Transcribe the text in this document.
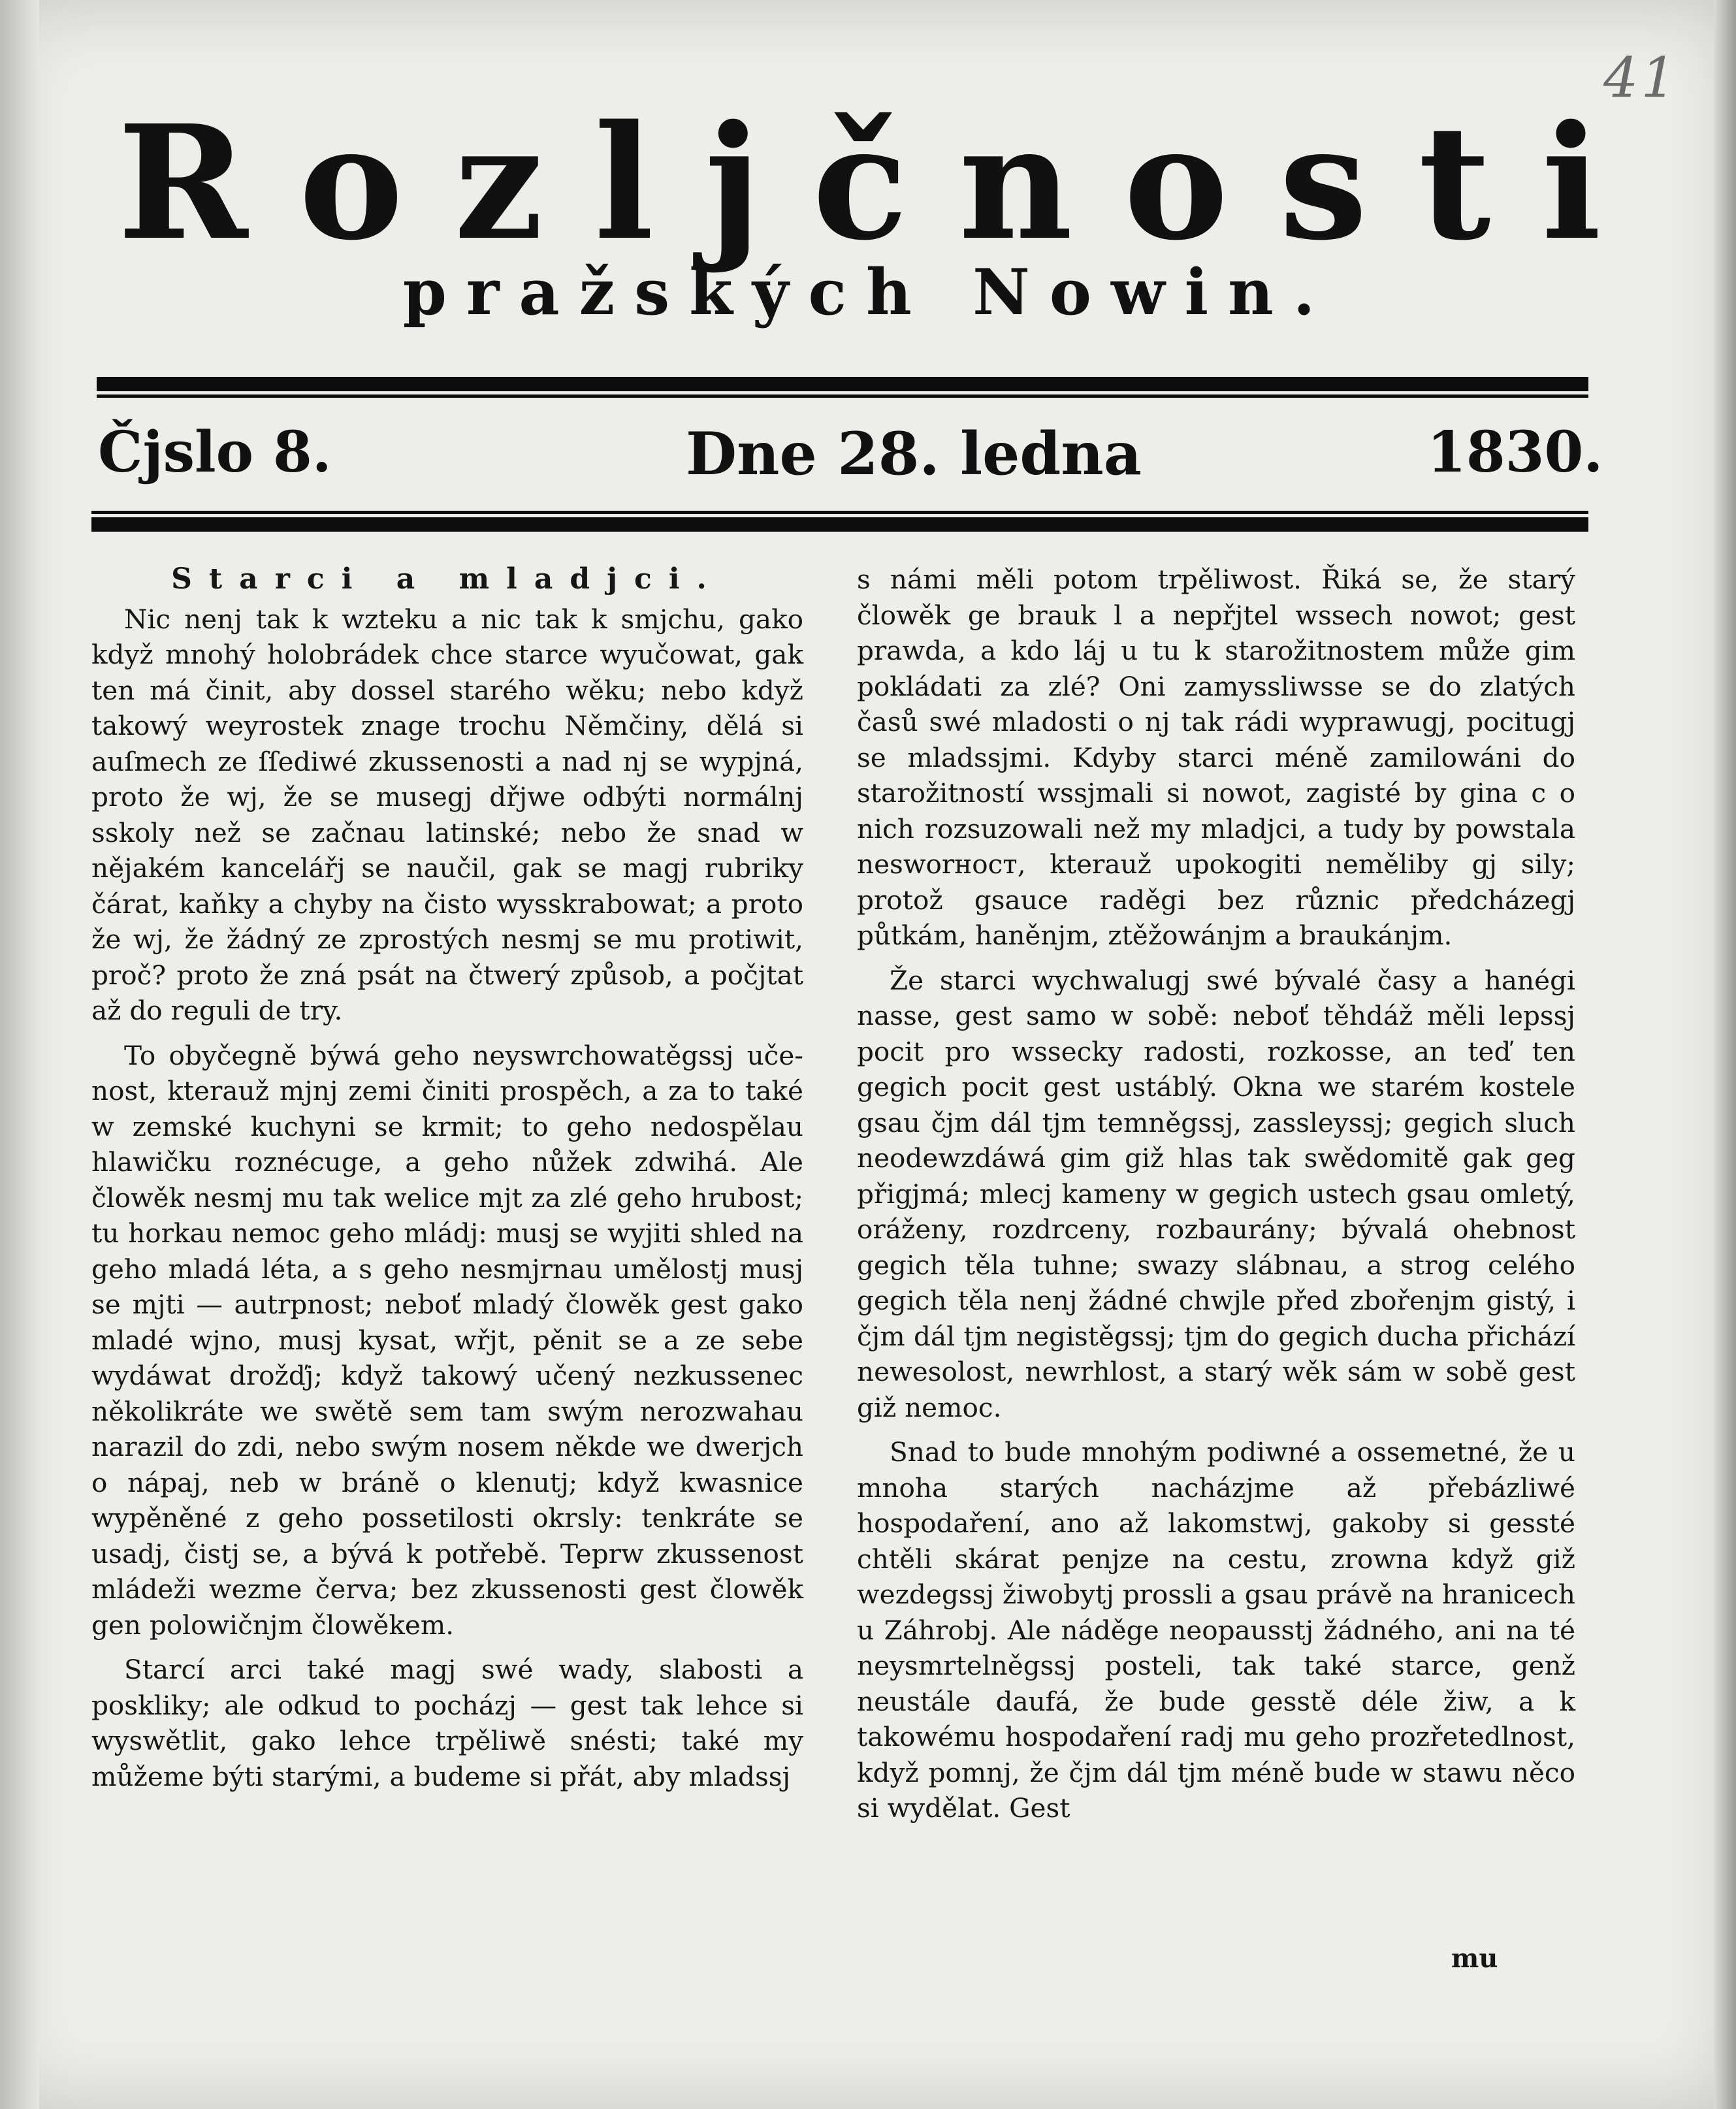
41
Rozljčnosti
pražských Nowin.
Čjslo 8.	Dne 28. ledna	1830.

Starci a mladjci.

Nic nenj tak k wzteku a nic tak k smjchu, gako když mnohý holobrádek chce starce wyučowat, gak ten má činit, aby dossel starého wěku; nebo když takowý weyrostek znage trochu Němčiny, dělá si auſmech ze ſſediwé zkussenosti a nad nj se wypjná, proto že wj, že se musegj dřjwe odbýti normálnj sskoly než se začnau latinské; nebo že snad w nějakém kancelářj se naučil, gak se magj rubriky čárat, kaňky a chyby na čisto wysskrabowat; a proto že wj, že žádný ze zprostých nesmj se mu protiwit, proč? proto že zná psát na čtwerý způsob, a počjtat až do reguli de try.

To obyčegně býwá geho neyswrchowatěgssj uče- nost, kterauž mjnj zemi činiti prospěch, a za to také w zemské kuchyni se krmit; to geho nedospělau hlawičku roznécuge, a geho nůžek zdwihá. Ale člowěk nesmj mu tak welice mjt za zlé geho hrubost; tu horkau nemoc geho mládj: musj se wyjiti shled na geho mladá léta, a s geho nesmjrnau umělostj musj se mjti — autrpnost; neboť mladý člowěk gest gako mladé wjno, musj kysat, wřjt, pěnit se a ze sebe wydáwat drožďj; když takowý učený nezkussenec několikráte we swětě sem tam swým nerozwahau narazil do zdi, nebo swým nosem někde we dwerjch o nápaj, neb w bráně o klenutj; když kwasnice wypěněné z geho possetilosti okrsly: tenkráte se usadj, čistj se, a bývá k potřebě. Teprw zkussenost mládeži wezme červa; bez zkussenosti gest člowěk gen polowičnjm člowěkem.

Starcí arci také magj swé wady, slabosti a poskliky; ale odkud to pocházj — gest tak lehce si wyswětlit, gako lehce trpěliwě snésti; také my můžeme býti starými, a budeme si přát, aby mladssj

s námi měli potom trpěliwost. Řiká se, že starý člowěk ge brauk l a nepřjtel wssech nowot; gest prawda, a kdo láj u tu k starožitnostem může gim pokládati za zlé? Oni zamyssliwsse se do zlatých časů swé mladosti o nj tak rádi wyprawugj, pocitugj se mladssjmi. Kdyby starci méně zamilowáni do starožitností wssjmali si nowot, zagisté by gina c o nich rozsuzowali než my mladjci, a tudy by powstala nesworност, kterauž upokogiti neměliby gj sily; protož gsauce raděgi bez různic předcházegj půtkám, haněnjm, ztěžowánjm a braukánjm.

Že starci wychwalugj swé bývalé časy a hanégi nasse, gest samo w sobě: neboť těhdáž měli lepssj pocit pro wssecky radosti, rozkosse, an teď ten gegich pocit gest ustáblý. Okna we starém kostele gsau čjm dál tjm temněgssj, zassleyssj; gegich sluch neodewzdáwá gim giž hlas tak swědomitě gak geg přigjmá; mlecj kameny w gegich ustech gsau omletý, oráženy, rozdrceny, rozbaurány; bývalá ohebnost gegich těla tuhne; swazy slábnau, a strog celého gegich těla nenj žádné chwjle před zbořenjm gistý, i čjm dál tjm negistěgssj; tjm do gegich ducha přichází newesolost, newrhlost, a starý wěk sám w sobě gest giž nemoc.

Snad to bude mnohým podiwné a ossemetné, že u mnoha starých nacházjme až přebázliwé hospodaření, ano až lakomstwj, gakoby si gessté chtěli skárat penjze na cestu, zrowna když giž wezdegssj žiwobytj prossli a gsau právě na hranicech u Záhrobj. Ale náděge neopausstj žádného, ani na té neysmrtelněgssj posteli, tak také starce, genž neustále daufá, že bude gesstě déle žiw, a k takowému hospodaření radj mu geho prozřetedlnost, když pomnj, že čjm dál tjm méně bude w stawu něco si wydělat. Gest

mu
